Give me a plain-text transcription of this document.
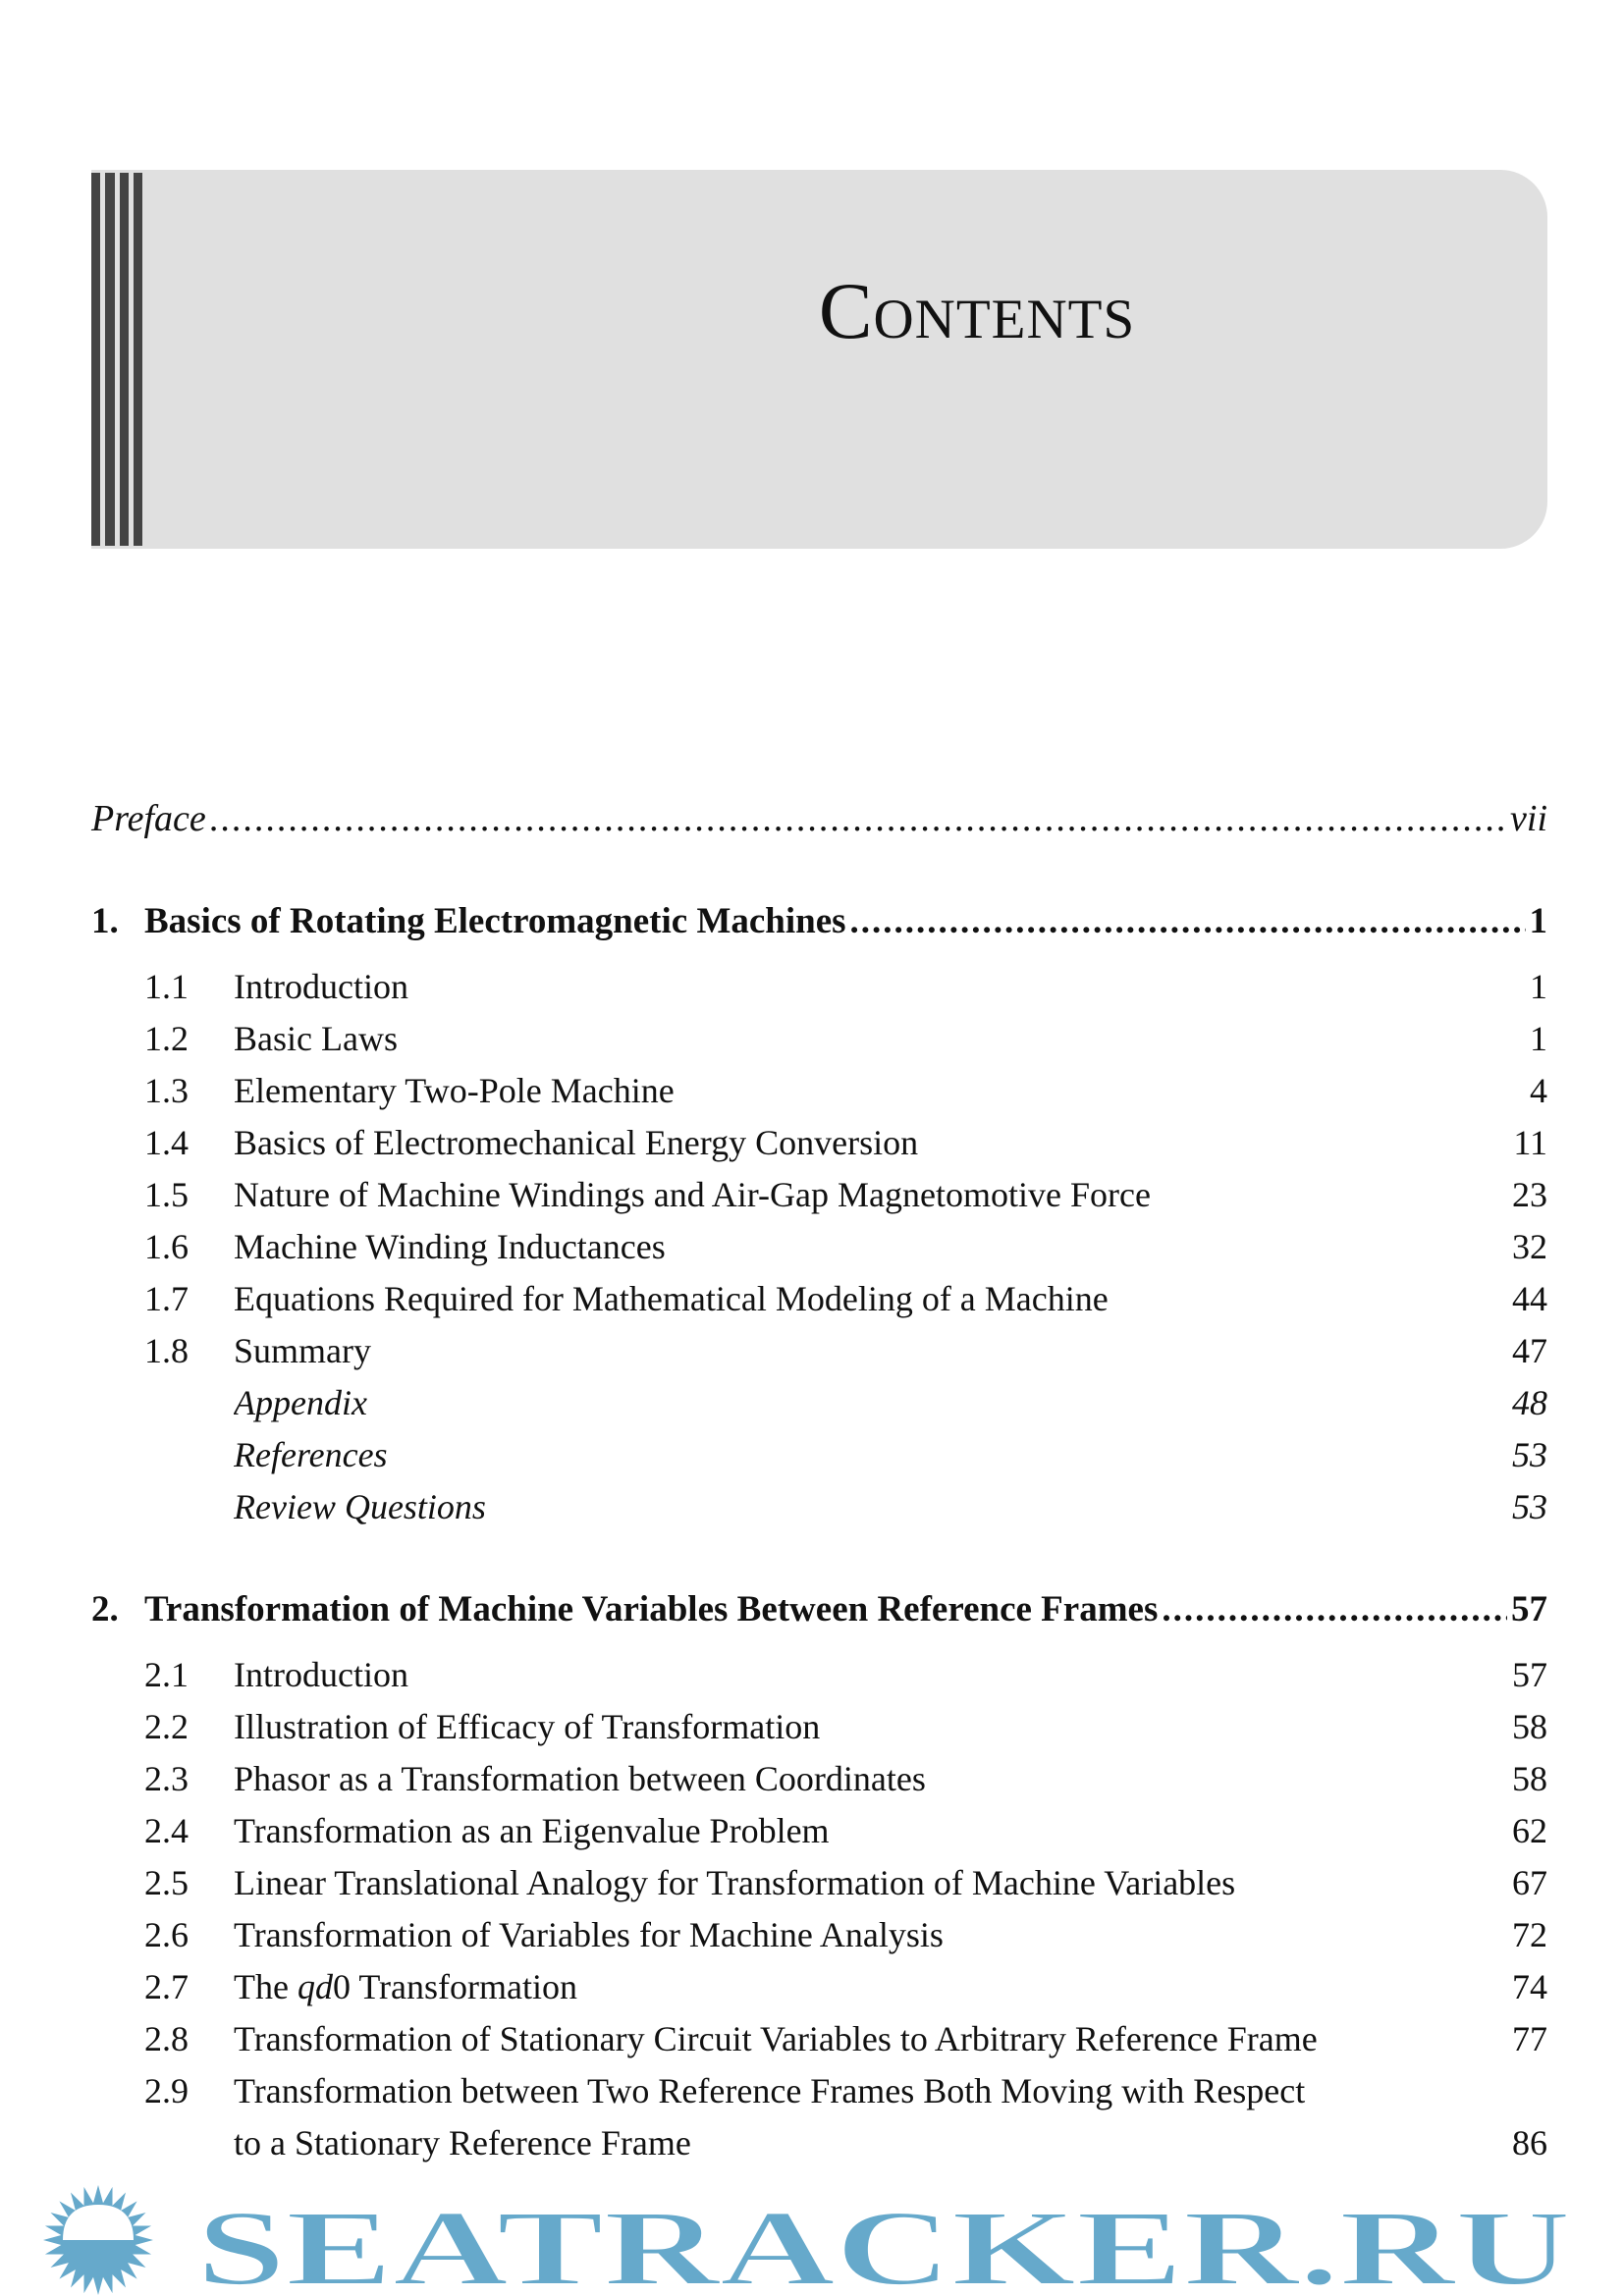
Contents
Preface .....	vii
1. Basics of Rotating Electromagnetic Machines .....	1
1.1	Introduction	1
1.2	Basic Laws	1
1.3	Elementary Two-Pole Machine	4
1.4	Basics of Electromechanical Energy Conversion	11
1.5	Nature of Machine Windings and Air-Gap Magnetomotive Force	23
1.6	Machine Winding Inductances	32
1.7	Equations Required for Mathematical Modeling of a Machine	44
1.8	Summary	47
Appendix	48
References	53
Review Questions	53
2. Transformation of Machine Variables Between Reference Frames .....	57
2.1	Introduction	57
2.2	Illustration of Efficacy of Transformation	58
2.3	Phasor as a Transformation between Coordinates	58
2.4	Transformation as an Eigenvalue Problem	62
2.5	Linear Translational Analogy for Transformation of Machine Variables	67
2.6	Transformation of Variables for Machine Analysis	72
2.7	The qd0 Transformation	74
2.8	Transformation of Stationary Circuit Variables to Arbitrary Reference Frame	77
2.9	Transformation between Two Reference Frames Both Moving with Respect
to a Stationary Reference Frame	86
SEATRACKER.RU
